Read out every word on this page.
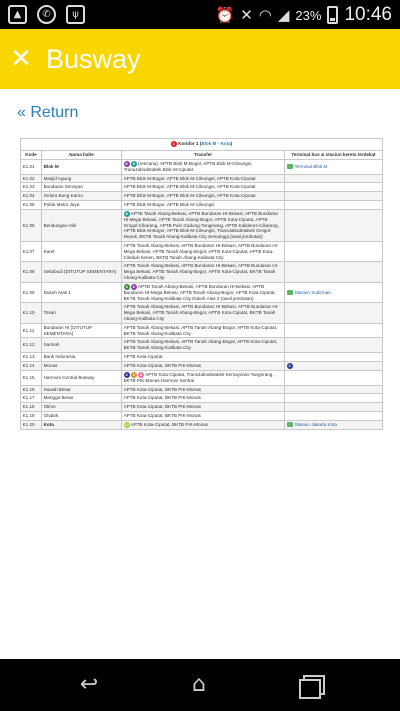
▲	✆	ψ	⏰ ✕ ◠ ◢ 23% 10:46
✕ Busway
« Return
1 Koridor 1 (Blok M - Kota)			
Kode	Nama halte	Transfer	Terminal bus & stasiun kereta terdekat
K1.01	Blok M	6 9 (rencana), APTB Blok M-Bogor, APTB Blok M-Cileungsi, TransJabodetabek Blok M-Ciputat	Terminal Blok M
K1.02	Masjid Agung	APTB Blok M-Bogor, APTB Blok M-Cileungsi, APTB Kota-Ciputat	
K1.03	Bundaran Senayan	APTB Blok M-Bogor, APTB Blok M-Cileungsi, APTB Kota-Ciputat	
K1.04	Gelora Bung Karno	APTB Blok M-Bogor, APTB Blok M-Cileungsi, APTB Kota-Ciputat	
K1.05	Polda Metro Jaya	APTB Blok M-Bogor, APTB Blok M-Cileungsi	
K1.06	Bendungan Hilir	9 APTB Tanah Abang-Bekasi, APTB Bundaran HI-Bekasi, APTB Bundaran HI-Mega Bekasi, APTB Tanah Abang-Bogor, APTB Kota-Ciputat, APTB Grogol-Cikarang, APTB Pulo Gadung-Tangerang, APTB Kalideres-Cikarang, APTB Blok M-Bogor, APTB Blok M-Cileungsi, TransJabodetabek Grogol-Depok, BKTB Tanah Abang-Kalibata City Semanggi (awal jembatan)	
K1.07	Karet	APTB Tanah Abang-Bekasi, APTB Bundaran HI-Bekasi, APTB Bundaran HI-Mega Bekasi, APTB Tanah Abang-Bogor, APTB Kota-Ciputat, APTB Kota-Cileduk-Senen, BKTB Tanah Abang-Kalibata City	
K1.08	Setiabudi (DITUTUP SEMENTARA)	APTB Tanah Abang-Bekasi, APTB Bundaran HI-Bekasi, APTB Bundaran HI-Mega Bekasi, APTB Tanah Abang-Bogor, APTB Kota-Ciputat, BKTB Tanah Abang-Kalibata City	
K1.09	Dukuh Atas 1	4 6 APTB Tanah Abang-Bekasi, APTB Bundaran HI-Bekasi, APTB Bundaran HI-Mega Bekasi, APTB Tanah Abang-Bogor, APTB Kota-Ciputat, BKTB Tanah Abang-Kalibata City Dukuh Atas 2 (awal jembatan)	Stasiun Sudirman
K1.10	Tosari	APTB Tanah Abang-Bekasi, APTB Bundaran HI-Bekasi, APTB Bundaran HI-Mega Bekasi, APTB Tanah Abang-Bogor, APTB Kota-Ciputat, BKTB Tanah Abang-Kalibata City	
K1.11	Bundaran HI (DITUTUP SEMENTARA)	APTB Tanah Abang-Bekasi, APTB Tanah Abang-Bogor, APTB Kota-Ciputat, BKTB Tanah Abang-Kalibata City	
K1.12	Sarinah	APTB Tanah Abang-Bekasi, APTB Tanah Abang-Bogor, APTB Kota-Ciputat, BKTB Tanah Abang-Kalibata City	
K1.13	Bank Indonesia	APTB Kota-Ciputat	
K1.14	Monas	APTB Kota-Ciputat, BKTB PIK-Monas	2
K1.15	Harmoni Central Busway	2 3 8 APTB Kota-Ciputat, TransJabodetabek Kemayoran-Tangerang, BKTB PIK-Monas Harmoni Sentral	
K1.16	Sawah Besar	APTB Kota-Ciputat, BKTB PIK-Monas	
K1.17	Mangga Besar	APTB Kota-Ciputat, BKTB PIK-Monas	
K1.18	Olimo	APTB Kota-Ciputat, BKTB PIK-Monas	
K1.19	Glodok	APTB Kota-Ciputat, BKTB PIK-Monas	
K1.20	Kota	12 APTB Kota-Ciputat, BKTB PIK-Monas	Stasiun Jakarta Kota
↩	⌂
